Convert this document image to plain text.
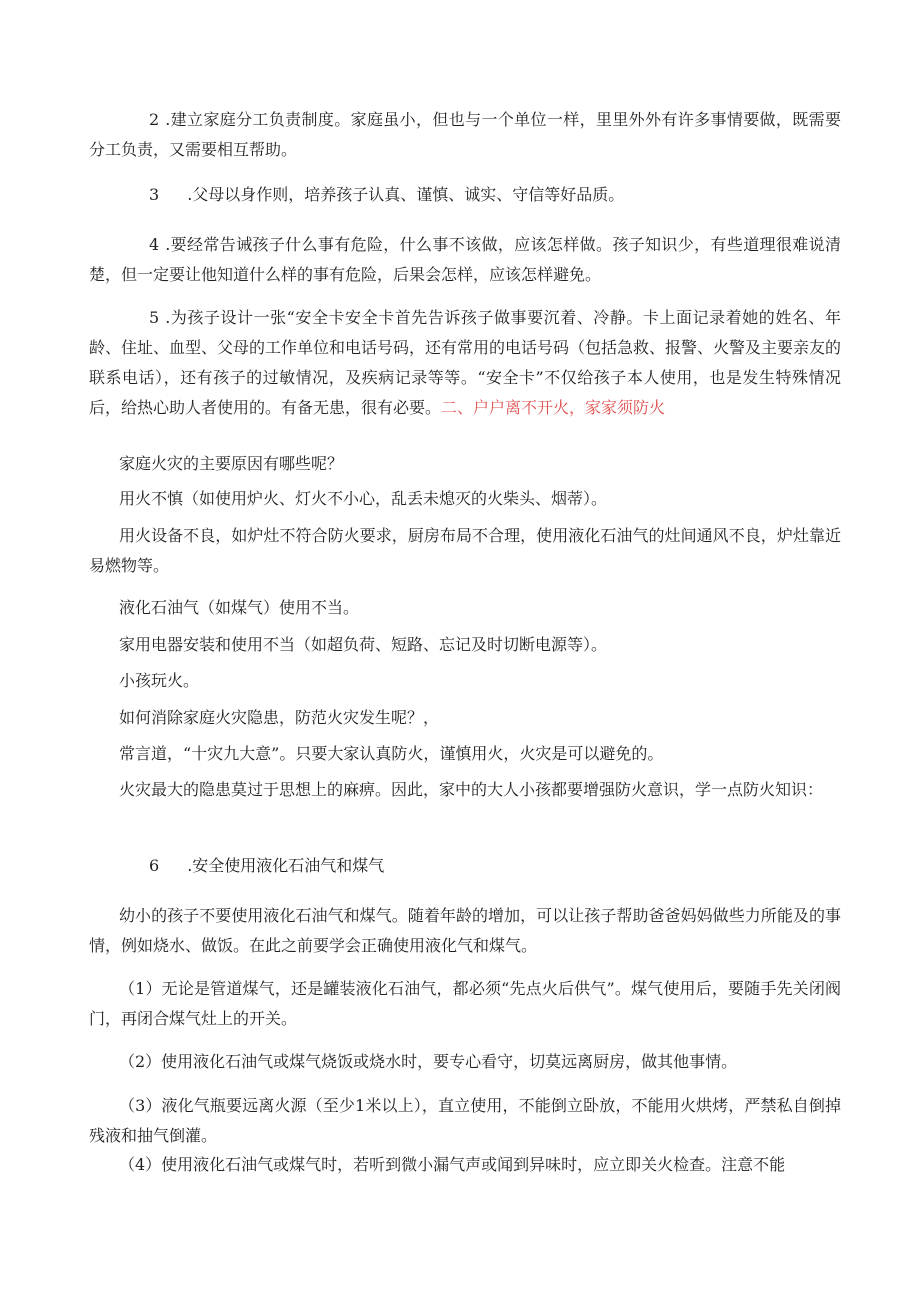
2 .建立家庭分工负责制度。家庭虽小，但也与一个单位一样，里里外外有许多事情要做，既需要分工负责，又需要相互帮助。

3 .父母以身作则，培养孩子认真、谨慎、诚实、守信等好品质。

4 .要经常告诫孩子什么事有危险，什么事不该做，应该怎样做。孩子知识少，有些道理很难说清楚，但一定要让他知道什么样的事有危险，后果会怎样，应该怎样避免。

5 .为孩子设计一张“安全卡安全卡首先告诉孩子做事要沉着、冷静。卡上面记录着她的姓名、年龄、住址、血型、父母的工作单位和电话号码，还有常用的电话号码（包括急救、报警、火警及主要亲友的联系电话），还有孩子的过敏情况，及疾病记录等等。“安全卡”不仅给孩子本人使用，也是发生特殊情况后，给热心助人者使用的。有备无患，很有必要。二、户户离不开火，家家须防火

家庭火灾的主要原因有哪些呢？

用火不慎（如使用炉火、灯火不小心，乱丢未熄灭的火柴头、烟蒂）。

用火设备不良，如炉灶不符合防火要求，厨房布局不合理，使用液化石油气的灶间通风不良，炉灶靠近易燃物等。

液化石油气（如煤气）使用不当。

家用电器安装和使用不当（如超负荷、短路、忘记及时切断电源等）。

小孩玩火。

如何消除家庭火灾隐患，防范火灾发生呢？，

常言道，“十灾九大意”。只要大家认真防火，谨慎用火，火灾是可以避免的。

火灾最大的隐患莫过于思想上的麻痹。因此，家中的大人小孩都要增强防火意识，学一点防火知识：

6 .安全使用液化石油气和煤气

幼小的孩子不要使用液化石油气和煤气。随着年龄的增加，可以让孩子帮助爸爸妈妈做些力所能及的事情，例如烧水、做饭。在此之前要学会正确使用液化气和煤气。

（1）无论是管道煤气，还是罐装液化石油气，都必须“先点火后供气”。煤气使用后，要随手先关闭阀门，再闭合煤气灶上的开关。

（2）使用液化石油气或煤气烧饭或烧水时，要专心看守，切莫远离厨房，做其他事情。

（3）液化气瓶要远离火源（至少1米以上），直立使用，不能倒立卧放，不能用火烘烤，严禁私自倒掉残液和抽气倒灌。

（4）使用液化石油气或煤气时，若听到微小漏气声或闻到异味时，应立即关火检查。注意不能
